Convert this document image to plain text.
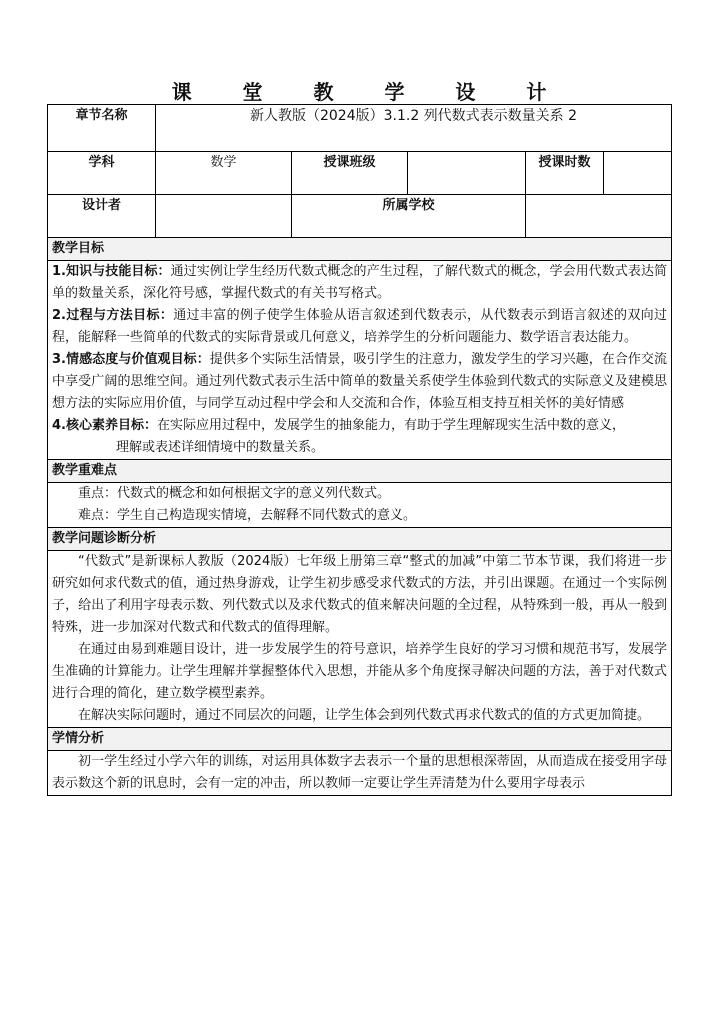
课 堂 教 学 设 计
章节名称	新人教版（2024版）3.1.2 列代数式表示数量关系 2				
学科	数学	授课班级		授课时数	
设计者		所属学校			
教学目标					

1.知识与技能目标：通过实例让学生经历代数式概念的产生过程，了解代数式的概念，学会用代数式表达简单的数量关系，深化符号感，掌握代数式的有关书写格式。

2.过程与方法目标：通过丰富的例子使学生体验从语言叙述到代数表示，从代数表示到语言叙述的双向过程，能解释一些简单的代数式的实际背景或几何意义，培养学生的分析问题能力、数学语言表达能力。

3.情感态度与价值观目标：提供多个实际生活情景，吸引学生的注意力，激发学生的学习兴趣，在合作交流中享受广阔的思维空间。通过列代数式表示生活中简单的数量关系使学生体验到代数式的实际意义及建模思想方法的实际应用价值，与同学互动过程中学会和人交流和合作，体验互相支持互相关怀的美好情感

4.核心素养目标：在实际应用过程中，发展学生的抽象能力，有助于学生理解现实生活中数的意义，

理解或表述详细情境中的数量关系。					

教学重难点					

重点：代数式的概念和如何根据文字的意义列代数式。

难点：学生自己构造现实情境，去解释不同代数式的意义。					

教学问题诊断分析					

“代数式”是新课标人教版（2024版）七年级上册第三章“整式的加减”中第二节本节课，我们将进一步研究如何求代数式的值，通过热身游戏，让学生初步感受求代数式的方法，并引出课题。在通过一个实际例子，给出了利用字母表示数、列代数式以及求代数式的值来解决问题的全过程，从特殊到一般，再从一般到特殊，进一步加深对代数式和代数式的值得理解。

在通过由易到难题目设计，进一步发展学生的符号意识，培养学生良好的学习习惯和规范书写，发展学生准确的计算能力。让学生理解并掌握整体代入思想，并能从多个角度探寻解决问题的方法，善于对代数式进行合理的简化，建立数学模型素养。

在解决实际问题时，通过不同层次的问题，让学生体会到列代数式再求代数式的值的方式更加简捷。					

学情分析					

初一学生经过小学六年的训练，对运用具体数字去表示一个量的思想根深蒂固，从而造成在接受用字母表示数这个新的讯息时，会有一定的冲击，所以教师一定要让学生弄清楚为什么要用字母表示					
